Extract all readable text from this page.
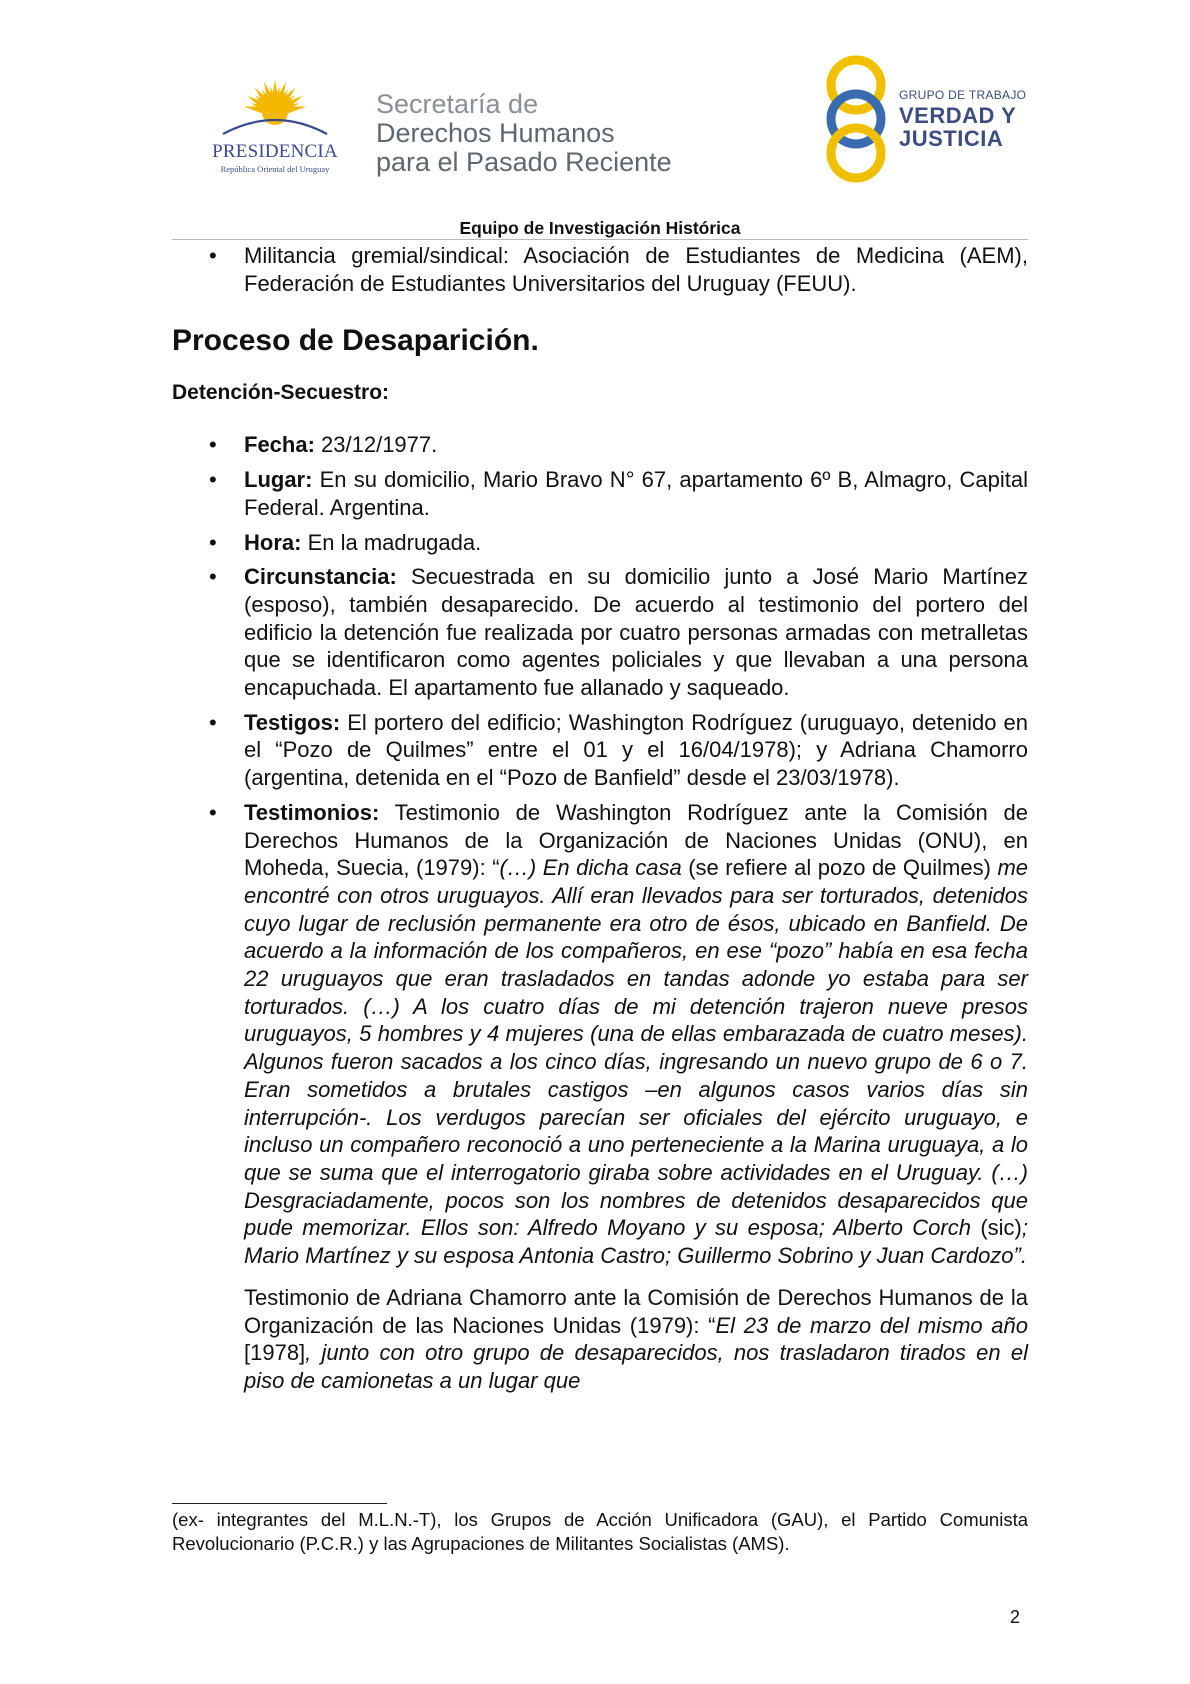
PRESIDENCIA
República Oriental del Uruguay
Secretaría de
Derechos Humanos
para el Pasado Reciente
GRUPO DE TRABAJO
VERDAD Y
JUSTICIA
Equipo de Investigación Histórica
• Militancia gremial/sindical: Asociación de Estudiantes de Medicina (AEM), Federación de Estudiantes Universitarios del Uruguay (FEUU).
Proceso de Desaparición.
Detención-Secuestro:
• Fecha: 23/12/1977.
• Lugar: En su domicilio, Mario Bravo N° 67, apartamento 6º B, Almagro, Capital Federal. Argentina.
• Hora: En la madrugada.
• Circunstancia: Secuestrada en su domicilio junto a José Mario Martínez (esposo), también desaparecido. De acuerdo al testimonio del portero del edificio la detención fue realizada por cuatro personas armadas con metralletas que se identificaron como agentes policiales y que llevaban a una persona encapuchada. El apartamento fue allanado y saqueado.
• Testigos: El portero del edificio; Washington Rodríguez (uruguayo, detenido en el “Pozo de Quilmes” entre el 01 y el 16/04/1978); y Adriana Chamorro (argentina, detenida en el “Pozo de Banfield” desde el 23/03/1978).
• Testimonios: Testimonio de Washington Rodríguez ante la Comisión de Derechos Humanos de la Organización de Naciones Unidas (ONU), en Moheda, Suecia, (1979): “(…) En dicha casa (se refiere al pozo de Quilmes) me encontré con otros uruguayos. Allí eran llevados para ser torturados, detenidos cuyo lugar de reclusión permanente era otro de ésos, ubicado en Banfield. De acuerdo a la información de los compañeros, en ese “pozo” había en esa fecha 22 uruguayos que eran trasladados en tandas adonde yo estaba para ser torturados. (…) A los cuatro días de mi detención trajeron nueve presos uruguayos, 5 hombres y 4 mujeres (una de ellas embarazada de cuatro meses). Algunos fueron sacados a los cinco días, ingresando un nuevo grupo de 6 o 7. Eran sometidos a brutales castigos –en algunos casos varios días sin interrupción-. Los verdugos parecían ser oficiales del ejército uruguayo, e incluso un compañero reconoció a uno perteneciente a la Marina uruguaya, a lo que se suma que el interrogatorio giraba sobre actividades en el Uruguay. (…) Desgraciadamente, pocos son los nombres de detenidos desaparecidos que pude memorizar. Ellos son: Alfredo Moyano y su esposa; Alberto Corch (sic); Mario Martínez y su esposa Antonia Castro; Guillermo Sobrino y Juan Cardozo”.
Testimonio de Adriana Chamorro ante la Comisión de Derechos Humanos de la Organización de las Naciones Unidas (1979): “El 23 de marzo del mismo año [1978], junto con otro grupo de desaparecidos, nos trasladaron tirados en el piso de camionetas a un lugar que
(ex- integrantes del M.L.N.-T), los Grupos de Acción Unificadora (GAU), el Partido Comunista Revolucionario (P.C.R.) y las Agrupaciones de Militantes Socialistas (AMS).
2
